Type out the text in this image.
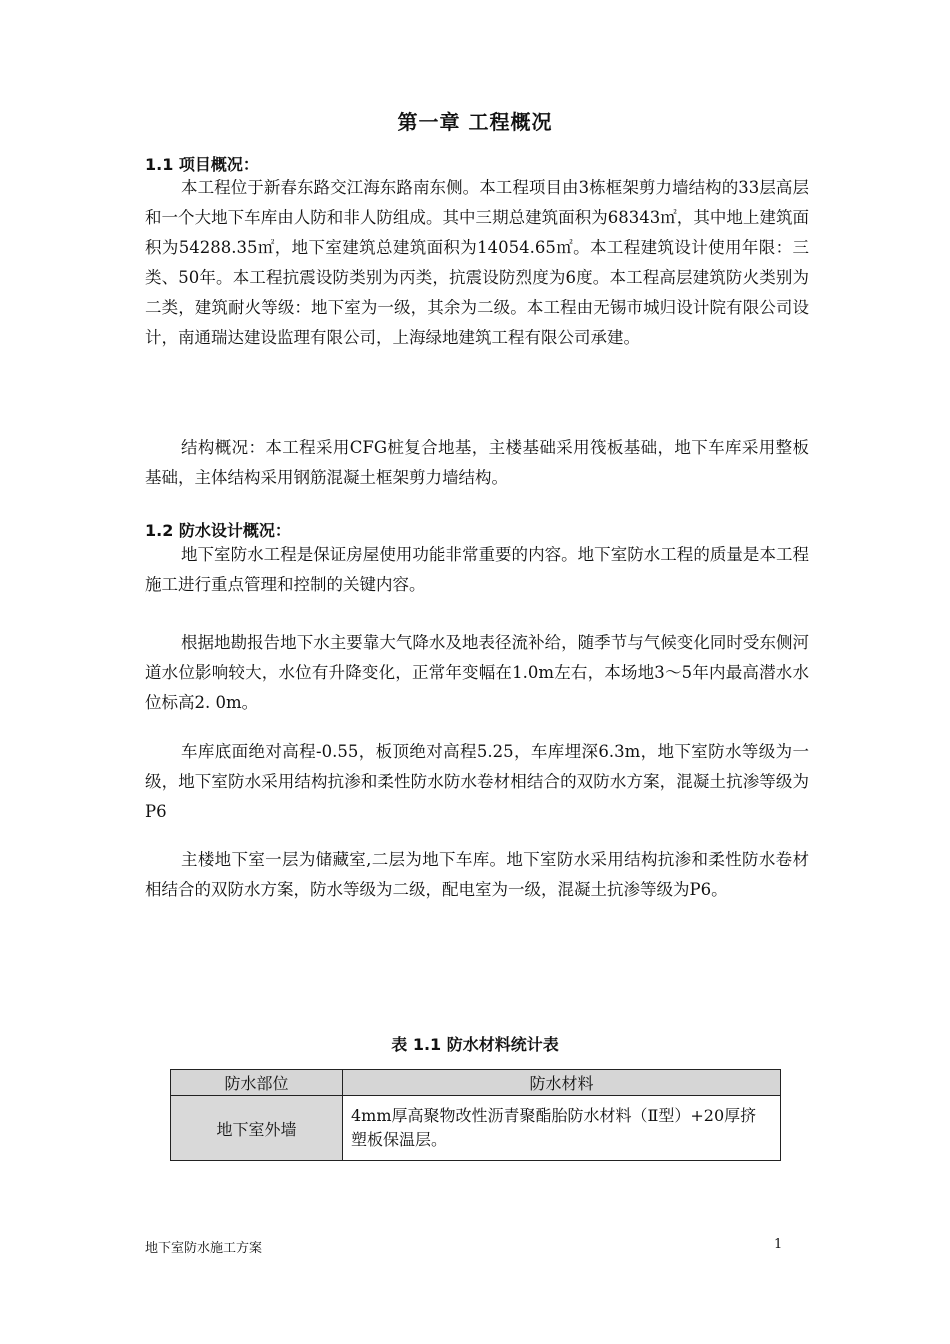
第一章 工程概况
1.1 项目概况：

本工程位于新春东路交江海东路南东侧。本工程项目由3栋框架剪力墙结构的33层高层和一个大地下车库由人防和非人防组成。其中三期总建筑面积为68343㎡，其中地上建筑面积为54288.35㎡，地下室建筑总建筑面积为14054.65㎡。本工程建筑设计使用年限：三类、50年。本工程抗震设防类别为丙类，抗震设防烈度为6度。本工程高层建筑防火类别为二类，建筑耐火等级：地下室为一级，其余为二级。本工程由无锡市城归设计院有限公司设计，南通瑞达建设监理有限公司，上海绿地建筑工程有限公司承建。

结构概况：本工程采用CFG桩复合地基，主楼基础采用筏板基础，地下车库采用整板基础，主体结构采用钢筋混凝土框架剪力墙结构。

1.2 防水设计概况：

地下室防水工程是保证房屋使用功能非常重要的内容。地下室防水工程的质量是本工程施工进行重点管理和控制的关键内容。

根据地勘报告地下水主要靠大气降水及地表径流补给，随季节与气候变化同时受东侧河道水位影响较大，水位有升降变化，正常年变幅在1.0m左右，本场地3～5年内最高潜水水位标高2. 0m。

车库底面绝对高程-0.55，板顶绝对高程5.25，车库埋深6.3m，地下室防水等级为一级，地下室防水采用结构抗渗和柔性防水防水卷材相结合的双防水方案，混凝土抗渗等级为P6

主楼地下室一层为储藏室,二层为地下车库。地下室防水采用结构抗渗和柔性防水卷材相结合的双防水方案，防水等级为二级，配电室为一级，混凝土抗渗等级为P6。

表 1.1 防水材料统计表
防水部位	防水材料
地下室外墙	4mm厚高聚物改性沥青聚酯胎防水材料（Ⅱ型）+20厚挤塑板保温层。
地下室防水施工方案	1
